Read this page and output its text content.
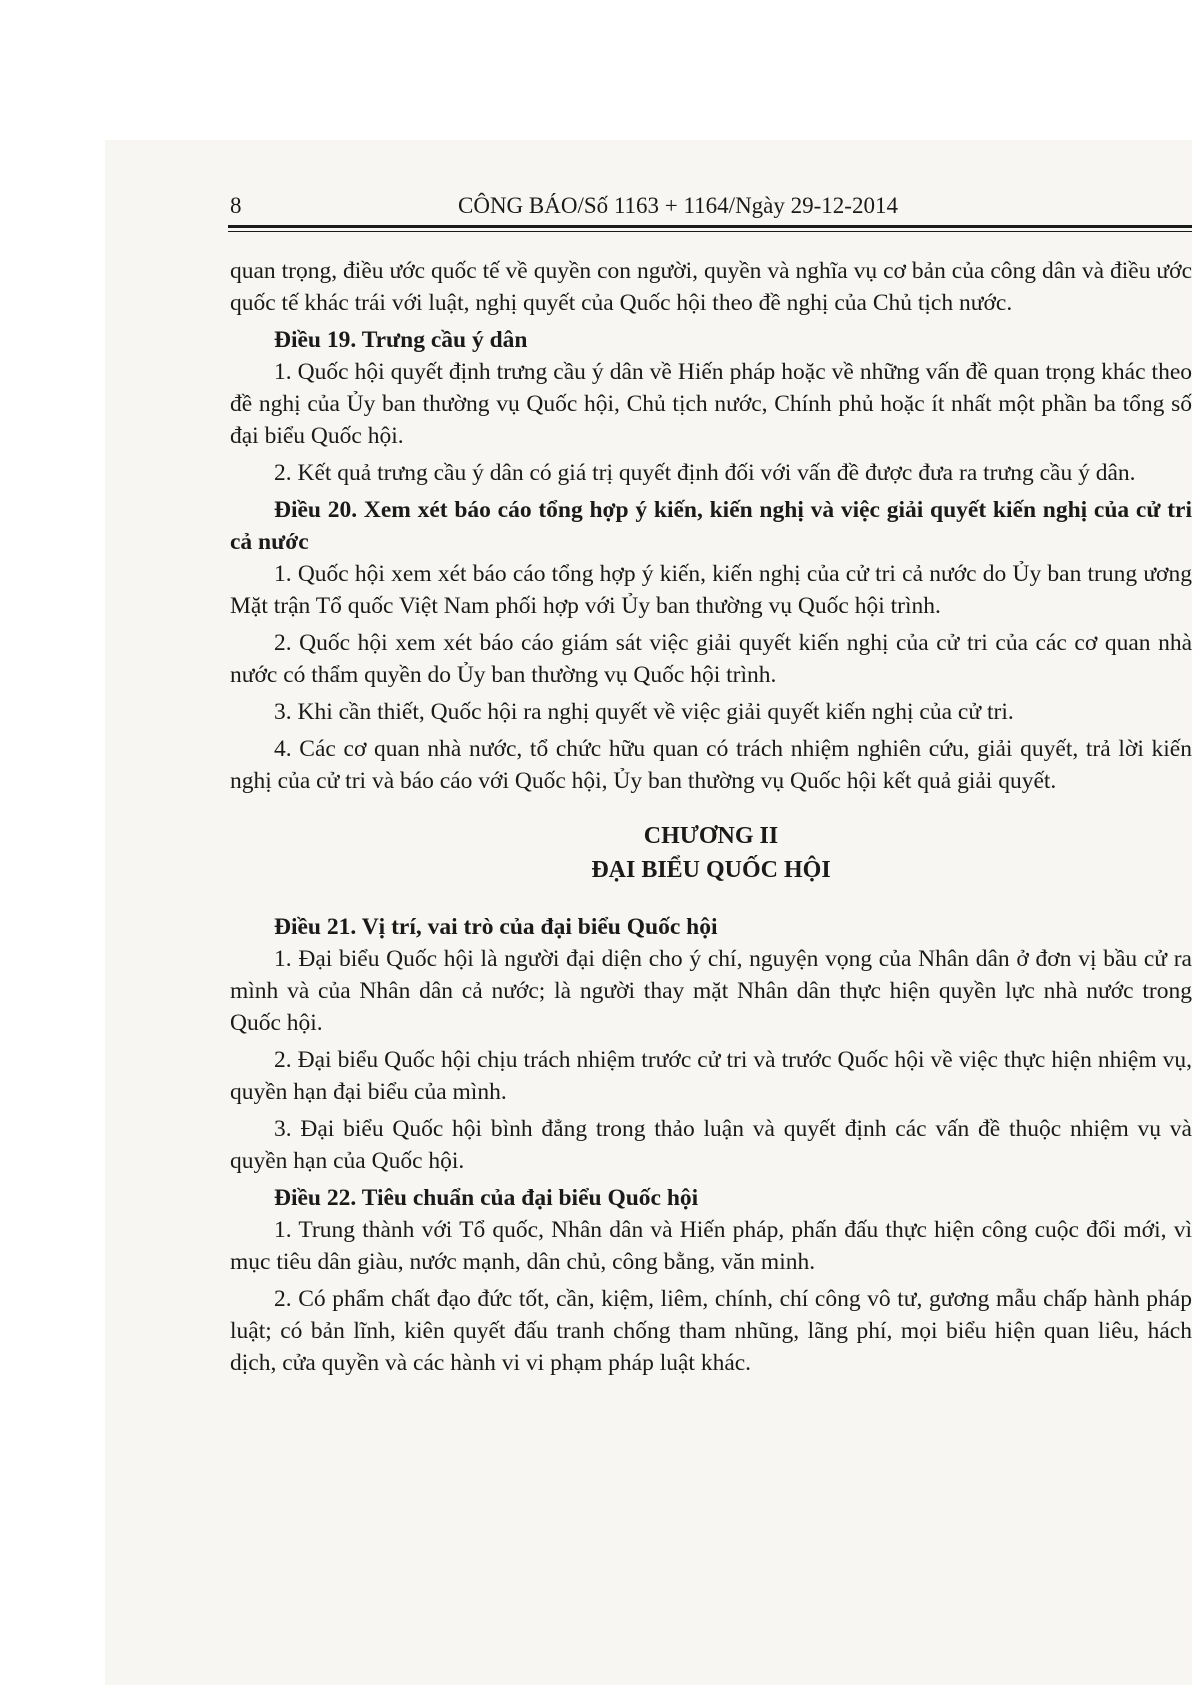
8	CÔNG BÁO/Số 1163 + 1164/Ngày 29-12-2014

quan trọng, điều ước quốc tế về quyền con người, quyền và nghĩa vụ cơ bản của công dân và điều ước quốc tế khác trái với luật, nghị quyết của Quốc hội theo đề nghị của Chủ tịch nước.

Điều 19. Trưng cầu ý dân

1. Quốc hội quyết định trưng cầu ý dân về Hiến pháp hoặc về những vấn đề quan trọng khác theo đề nghị của Ủy ban thường vụ Quốc hội, Chủ tịch nước, Chính phủ hoặc ít nhất một phần ba tổng số đại biểu Quốc hội.

2. Kết quả trưng cầu ý dân có giá trị quyết định đối với vấn đề được đưa ra trưng cầu ý dân.

Điều 20. Xem xét báo cáo tổng hợp ý kiến, kiến nghị và việc giải quyết kiến nghị của cử tri cả nước

1. Quốc hội xem xét báo cáo tổng hợp ý kiến, kiến nghị của cử tri cả nước do Ủy ban trung ương Mặt trận Tổ quốc Việt Nam phối hợp với Ủy ban thường vụ Quốc hội trình.

2. Quốc hội xem xét báo cáo giám sát việc giải quyết kiến nghị của cử tri của các cơ quan nhà nước có thẩm quyền do Ủy ban thường vụ Quốc hội trình.

3. Khi cần thiết, Quốc hội ra nghị quyết về việc giải quyết kiến nghị của cử tri.

4. Các cơ quan nhà nước, tổ chức hữu quan có trách nhiệm nghiên cứu, giải quyết, trả lời kiến nghị của cử tri và báo cáo với Quốc hội, Ủy ban thường vụ Quốc hội kết quả giải quyết.

CHƯƠNG II

ĐẠI BIỂU QUỐC HỘI

Điều 21. Vị trí, vai trò của đại biểu Quốc hội

1. Đại biểu Quốc hội là người đại diện cho ý chí, nguyện vọng của Nhân dân ở đơn vị bầu cử ra mình và của Nhân dân cả nước; là người thay mặt Nhân dân thực hiện quyền lực nhà nước trong Quốc hội.

2. Đại biểu Quốc hội chịu trách nhiệm trước cử tri và trước Quốc hội về việc thực hiện nhiệm vụ, quyền hạn đại biểu của mình.

3. Đại biểu Quốc hội bình đẳng trong thảo luận và quyết định các vấn đề thuộc nhiệm vụ và quyền hạn của Quốc hội.

Điều 22. Tiêu chuẩn của đại biểu Quốc hội

1. Trung thành với Tổ quốc, Nhân dân và Hiến pháp, phấn đấu thực hiện công cuộc đổi mới, vì mục tiêu dân giàu, nước mạnh, dân chủ, công bằng, văn minh.

2. Có phẩm chất đạo đức tốt, cần, kiệm, liêm, chính, chí công vô tư, gương mẫu chấp hành pháp luật; có bản lĩnh, kiên quyết đấu tranh chống tham nhũng, lãng phí, mọi biểu hiện quan liêu, hách dịch, cửa quyền và các hành vi vi phạm pháp luật khác.
